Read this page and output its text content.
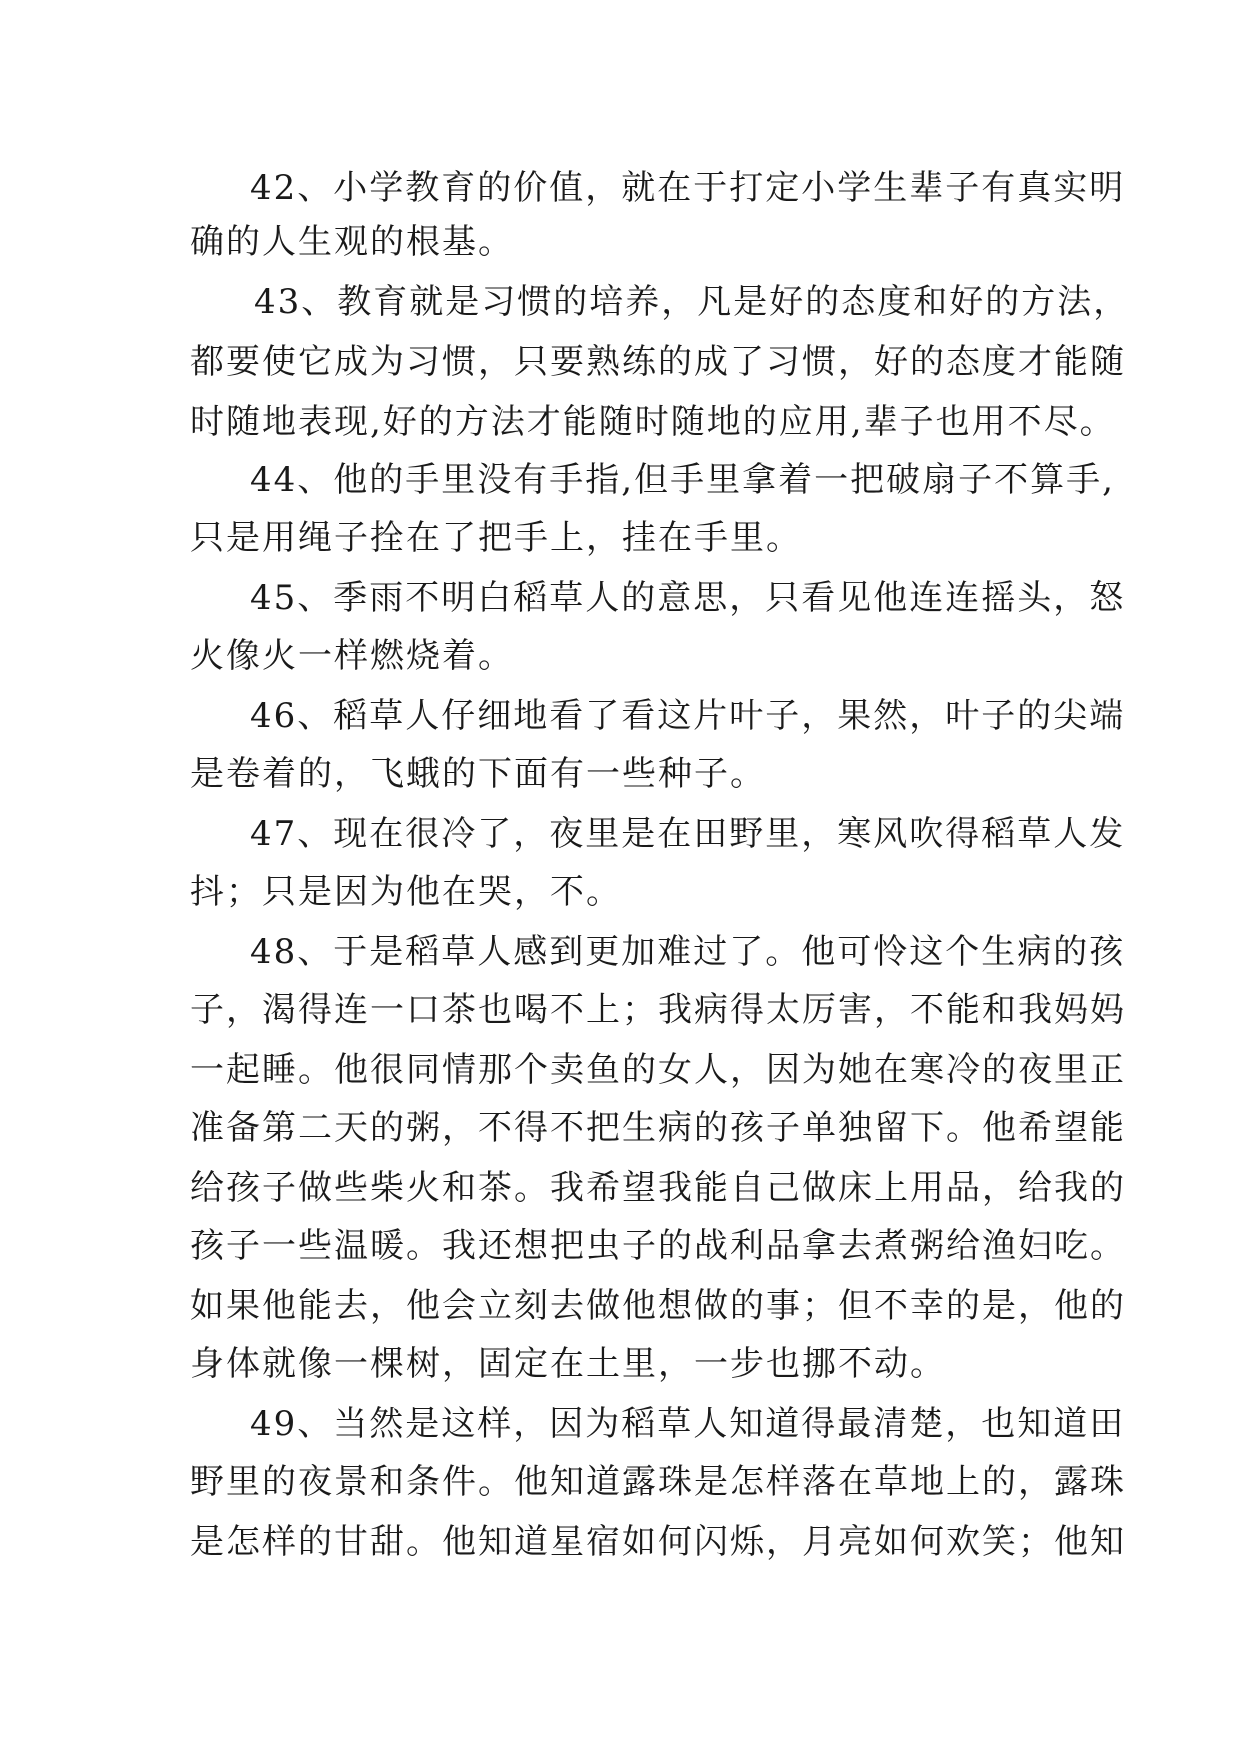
42、小学教育的价值，就在于打定小学生辈子有真实明
确的人生观的根基。
43、教育就是习惯的培养，凡是好的态度和好的方法，
都要使它成为习惯，只要熟练的成了习惯，好的态度才能随
时随地表现,好的方法才能随时随地的应用,辈子也用不尽。
44、他的手里没有手指,但手里拿着一把破扇子不算手,
只是用绳子拴在了把手上，挂在手里。
45、季雨不明白稻草人的意思，只看见他连连摇头，怒
火像火一样燃烧着。
46、稻草人仔细地看了看这片叶子，果然，叶子的尖端
是卷着的，飞蛾的下面有一些种子。
47、现在很冷了，夜里是在田野里，寒风吹得稻草人发
抖；只是因为他在哭，不。
48、于是稻草人感到更加难过了。他可怜这个生病的孩
子，渴得连一口茶也喝不上；我病得太厉害，不能和我妈妈
一起睡。他很同情那个卖鱼的女人，因为她在寒冷的夜里正
准备第二天的粥，不得不把生病的孩子单独留下。他希望能
给孩子做些柴火和茶。我希望我能自己做床上用品，给我的
孩子一些温暖。我还想把虫子的战利品拿去煮粥给渔妇吃。
如果他能去，他会立刻去做他想做的事；但不幸的是，他的
身体就像一棵树，固定在土里，一步也挪不动。
49、当然是这样，因为稻草人知道得最清楚，也知道田
野里的夜景和条件。他知道露珠是怎样落在草地上的，露珠
是怎样的甘甜。他知道星宿如何闪烁，月亮如何欢笑；他知
